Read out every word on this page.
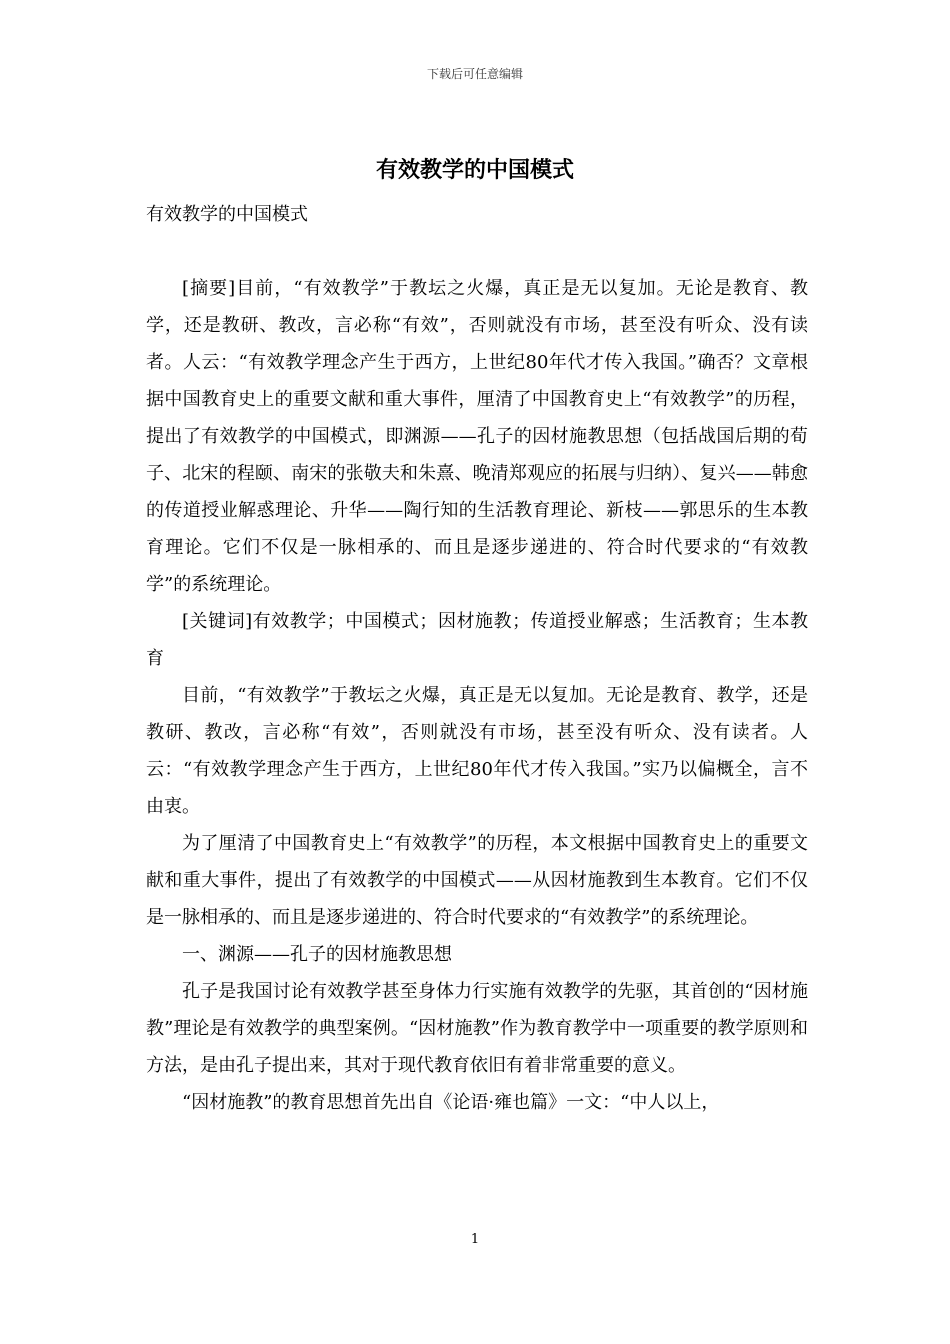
下载后可任意编辑
有效教学的中国模式

有效教学的中国模式

[摘要]目前，“有效教学”于教坛之火爆，真正是无以复加。无论是教育、教学，还是教研、教改，言必称“有效”，否则就没有市场，甚至没有听众、没有读者。人云：“有效教学理念产生于西方，上世纪80年代才传入我国。”确否？文章根据中国教育史上的重要文献和重大事件，厘清了中国教育史上“有效教学”的历程，提出了有效教学的中国模式，即渊源——孔子的因材施教思想（包括战国后期的荀子、北宋的程颐、南宋的张敬夫和朱熹、晚清郑观应的拓展与归纳）、复兴——韩愈的传道授业解惑理论、升华——陶行知的生活教育理论、新枝——郭思乐的生本教育理论。它们不仅是一脉相承的、而且是逐步递进的、符合时代要求的“有效教学”的系统理论。

[关键词]有效教学；中国模式；因材施教；传道授业解惑；生活教育；生本教育

目前，“有效教学”于教坛之火爆，真正是无以复加。无论是教育、教学，还是教研、教改，言必称“有效”，否则就没有市场，甚至没有听众、没有读者。人云：“有效教学理念产生于西方，上世纪80年代才传入我国。”实乃以偏概全，言不由衷。

为了厘清了中国教育史上“有效教学”的历程，本文根据中国教育史上的重要文献和重大事件，提出了有效教学的中国模式——从因材施教到生本教育。它们不仅是一脉相承的、而且是逐步递进的、符合时代要求的“有效教学”的系统理论。

一、渊源——孔子的因材施教思想

孔子是我国讨论有效教学甚至身体力行实施有效教学的先驱，其首创的“因材施教”理论是有效教学的典型案例。“因材施教”作为教育教学中一项重要的教学原则和方法，是由孔子提出来，其对于现代教育依旧有着非常重要的意义。

“因材施教”的教育思想首先出自《论语·雍也篇》一文：“中人以上，

1
